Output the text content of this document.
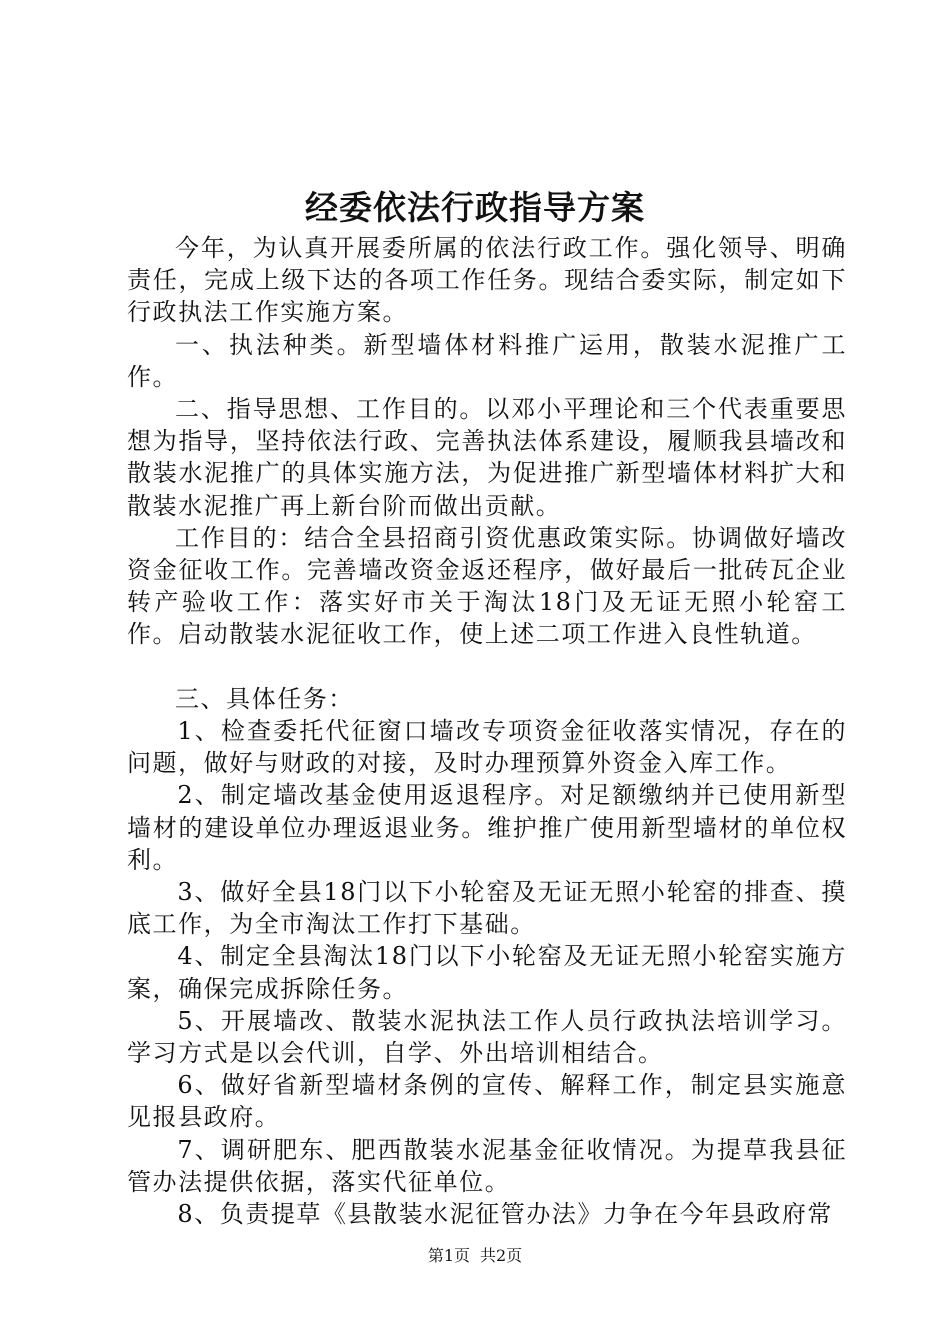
经委依法行政指导方案

今年，为认真开展委所属的依法行政工作。强化领导、明确责任，完成上级下达的各项工作任务。现结合委实际，制定如下行政执法工作实施方案。

一、执法种类。新型墙体材料推广运用，散装水泥推广工作。

二、指导思想、工作目的。以邓小平理论和三个代表重要思想为指导，坚持依法行政、完善执法体系建设，履顺我县墙改和散装水泥推广的具体实施方法，为促进推广新型墙体材料扩大和散装水泥推广再上新台阶而做出贡献。

工作目的：结合全县招商引资优惠政策实际。协调做好墙改资金征收工作。完善墙改资金返还程序，做好最后一批砖瓦企业转产验收工作：落实好市关于淘汰18门及无证无照小轮窑工作。启动散装水泥征收工作，使上述二项工作进入良性轨道。

三、具体任务：

1、检查委托代征窗口墙改专项资金征收落实情况，存在的问题，做好与财政的对接，及时办理预算外资金入库工作。

2、制定墙改基金使用返退程序。对足额缴纳并已使用新型墙材的建设单位办理返退业务。维护推广使用新型墙材的单位权利。

3、做好全县18门以下小轮窑及无证无照小轮窑的排查、摸底工作，为全市淘汰工作打下基础。

4、制定全县淘汰18门以下小轮窑及无证无照小轮窑实施方案，确保完成拆除任务。

5、开展墙改、散装水泥执法工作人员行政执法培训学习。学习方式是以会代训，自学、外出培训相结合。

6、做好省新型墙材条例的宣传、解释工作，制定县实施意见报县政府。

7、调研肥东、肥西散装水泥基金征收情况。为提草我县征管办法提供依据，落实代征单位。

8、负责提草《县散装水泥征管办法》力争在今年县政府常

第1页 共2页
